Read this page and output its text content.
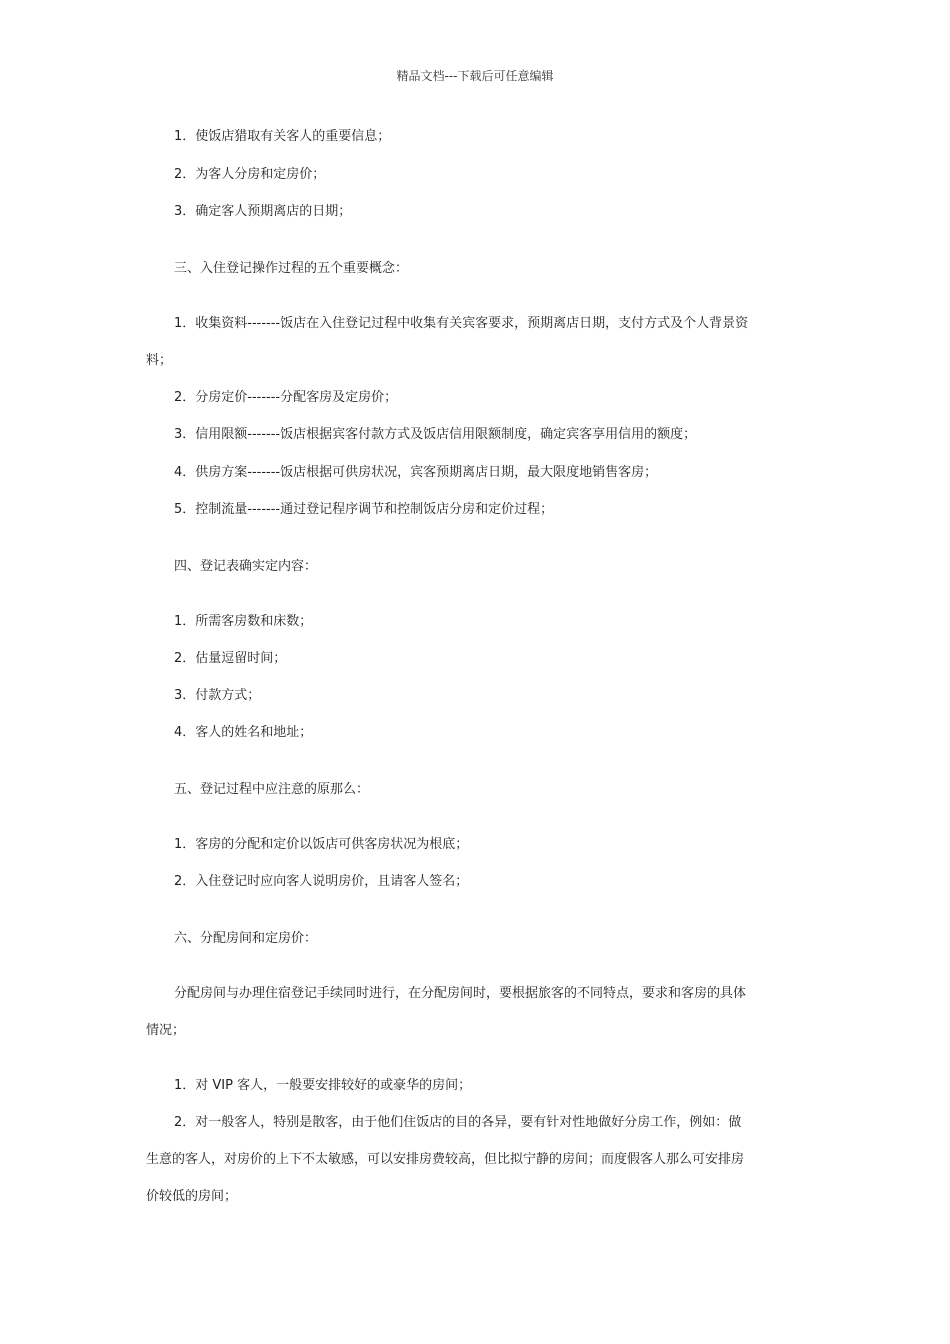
精品文档---下载后可任意编辑
1．使饭店猎取有关客人的重要信息；
2．为客人分房和定房价；
3．确定客人预期离店的日期；
三、入住登记操作过程的五个重要概念：
1．收集资料-------饭店在入住登记过程中收集有关宾客要求，预期离店日期，支付方式及个人背景资
料；
2．分房定价-------分配客房及定房价；
3．信用限额-------饭店根据宾客付款方式及饭店信用限额制度，确定宾客享用信用的额度；
4．供房方案-------饭店根据可供房状况，宾客预期离店日期，最大限度地销售客房；
5．控制流量-------通过登记程序调节和控制饭店分房和定价过程；
四、登记表确实定内容：
1．所需客房数和床数；
2．估量逗留时间；
3．付款方式；
4．客人的姓名和地址；
五、登记过程中应注意的原那么：
1．客房的分配和定价以饭店可供客房状况为根底；
2．入住登记时应向客人说明房价，且请客人签名；
六、分配房间和定房价：
分配房间与办理住宿登记手续同时进行，在分配房间时，要根据旅客的不同特点，要求和客房的具体
情况；
1．对 VIP 客人，一般要安排较好的或豪华的房间；
2．对一般客人，特别是散客，由于他们住饭店的目的各异，要有针对性地做好分房工作，例如：做
生意的客人，对房价的上下不太敏感，可以安排房费较高，但比拟宁静的房间；而度假客人那么可安排房
价较低的房间；
